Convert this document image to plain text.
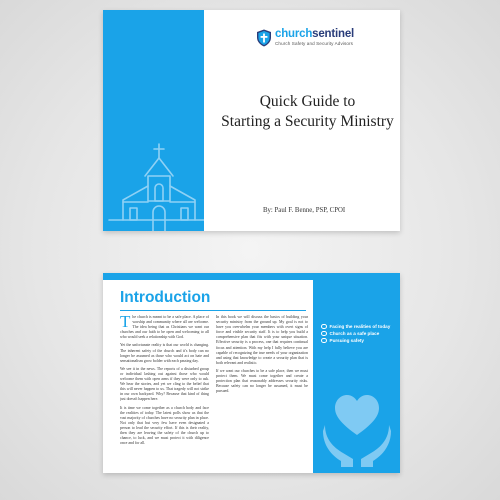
churchsentinel
Church Safety and Security Advisors
Quick Guide to
Starting a Security Ministry
By: Paul F. Benne, PSP, CPOI
Introduction

The church is meant to be a safe place. A place of worship and community where all are welcome. The idea being that as Christians we want our churches and our faith to be open and welcoming to all who would seek a relationship with God.

Yet the unfortunate reality is that our world is changing. The inherent safety of the church and it's body can no longer be assumed as those who would act on hate and sensationalism grow bolder with each passing day.

We see it in the news. The reports of a disturbed group or individual lashing out against those who would welcome them with open arms if they were only to ask. We hear the stories, and yet we cling to the belief that this will never happen to us. That tragedy will not strike in our own backyard. Why? Because that kind of thing just doesn't happen here.

It is time we come together as a church body and face the realities of today. The latest polls show us that the vast majority of churches have no security plan in place. Not only that but very few have even designated a person to lead the security effort. If this is their reality, then they are leaving the safety of the church up to chance, to luck, and we must protect it with diligence once and for all.

In this book we will discuss the basics of building your security ministry from the ground up. My goal is not to have you overwhelm your members with overt signs of force and visible security staff. It is to help you build a comprehensive plan that fits with your unique situation. Effective security is a process, one that requires continual focus and attention. With my help I fully believe you are capable of recognizing the true needs of your organization and using that knowledge to create a security plan that is both relevant and realistic.

If we want our churches to be a safe place, then we must protect them. We must come together and create a protection plan that reasonably addresses security risks. Because safety can no longer be assumed, it must be pursued.

Facing the realities of today
Church as a safe place
Pursuing safety
